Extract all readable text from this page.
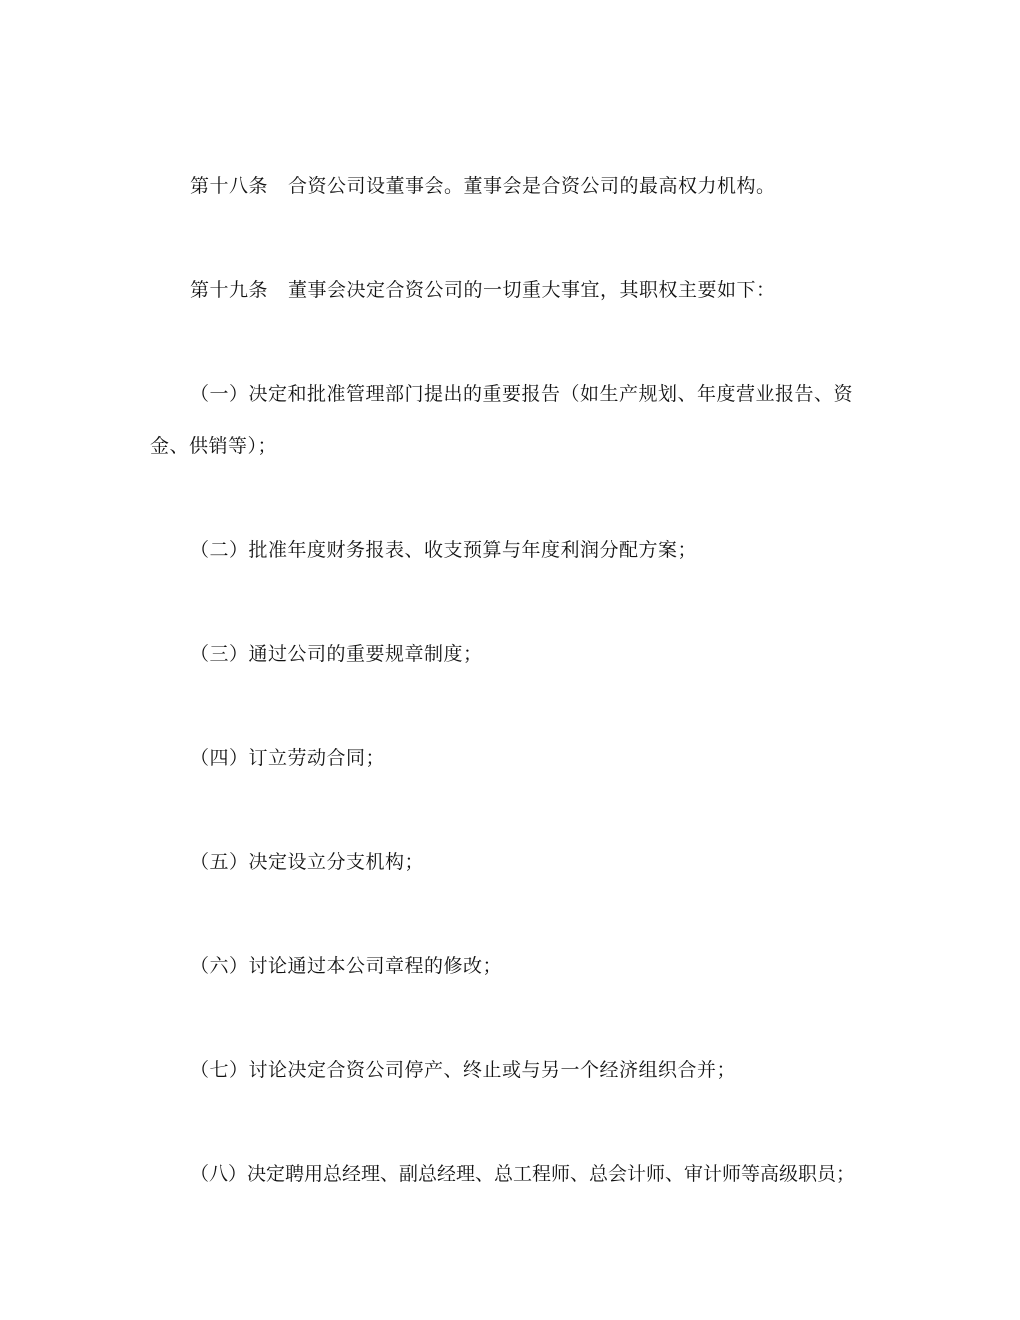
第十八条 合资公司设董事会。董事会是合资公司的最高权力机构。
第十九条 董事会决定合资公司的一切重大事宜，其职权主要如下：
（一）决定和批准管理部门提出的重要报告（如生产规划、年度营业报告、资
金、供销等）；
（二）批准年度财务报表、收支预算与年度利润分配方案；
（三）通过公司的重要规章制度；
（四）订立劳动合同；
（五）决定设立分支机构；
（六）讨论通过本公司章程的修改；
（七）讨论决定合资公司停产、终止或与另一个经济组织合并；
（八）决定聘用总经理、副总经理、总工程师、总会计师、审计师等高级职员；
